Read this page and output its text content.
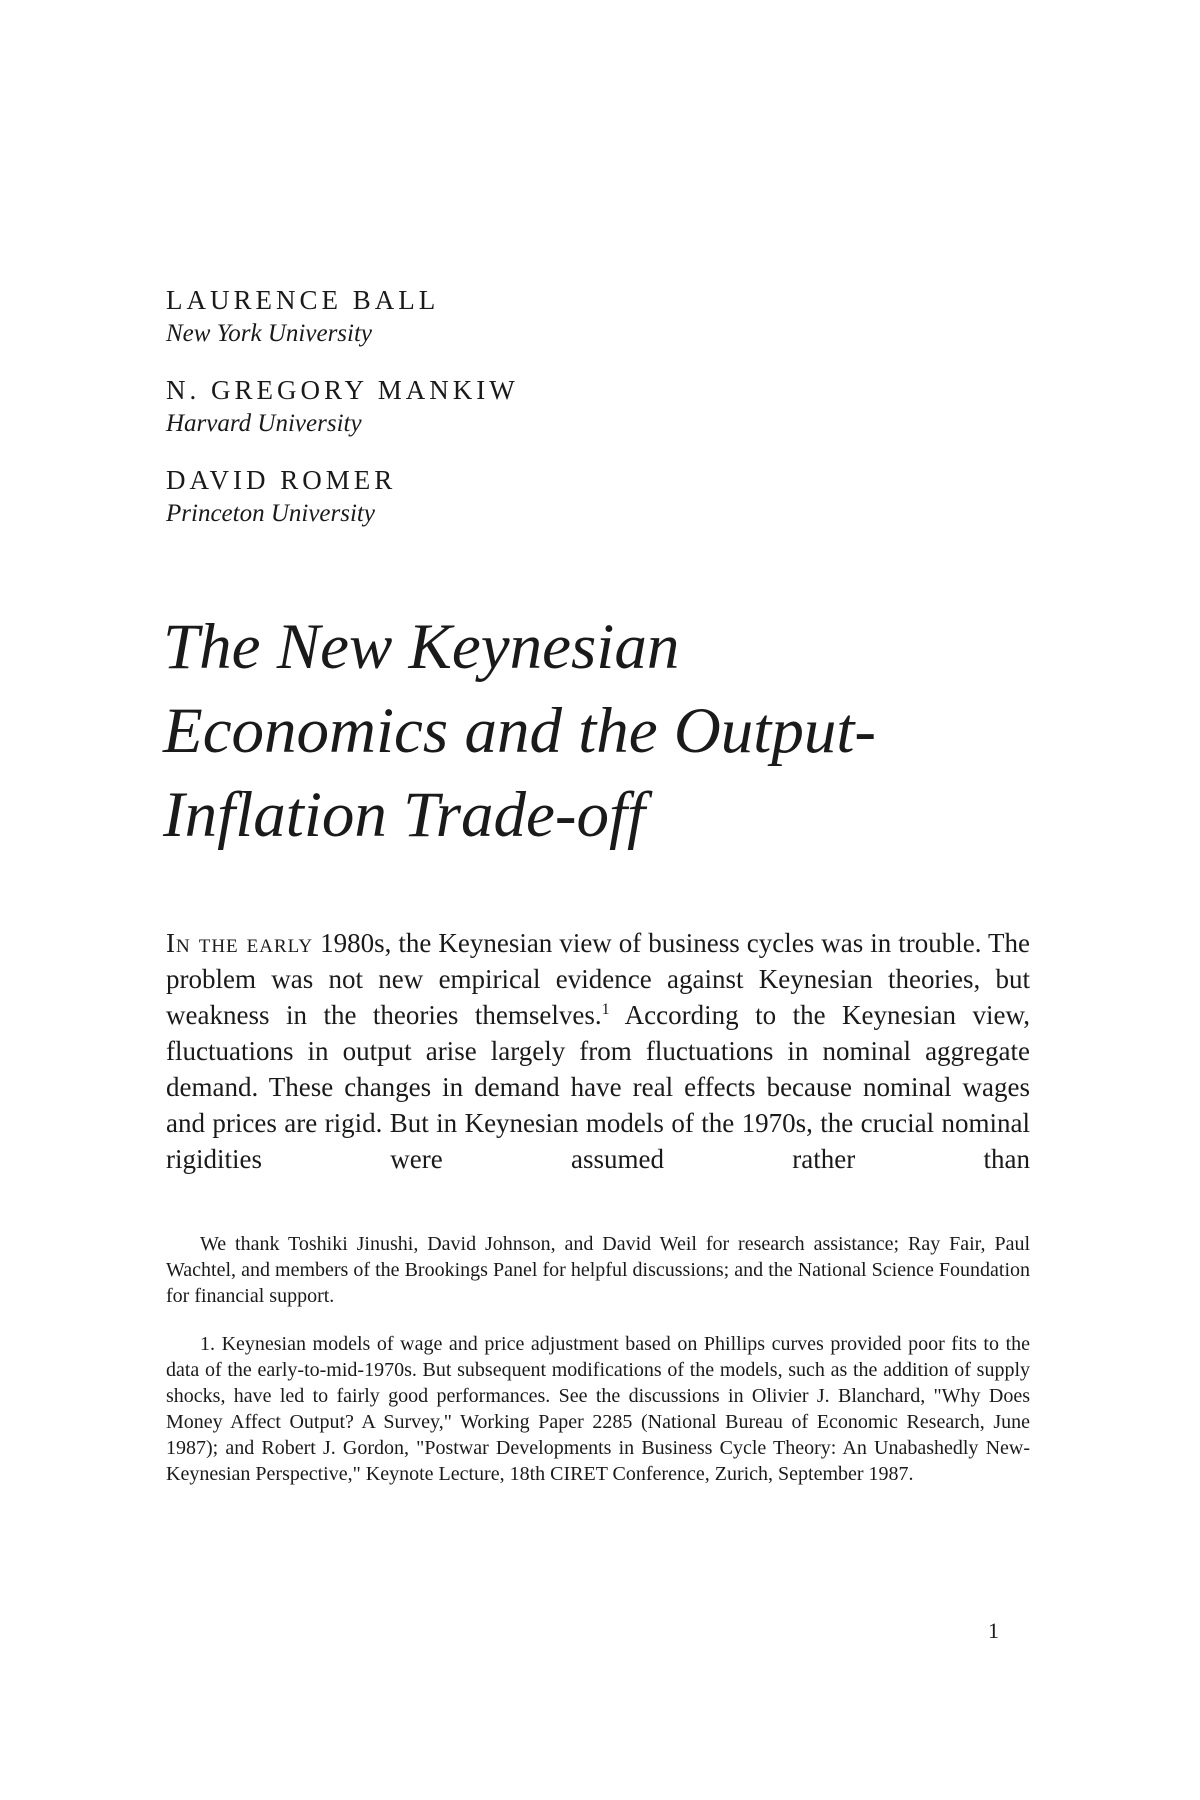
LAURENCE BALL
New York University
N. GREGORY MANKIW
Harvard University
DAVID ROMER
Princeton University
The New Keynesian
Economics and the Output-
Inflation Trade-off
In the early 1980s, the Keynesian view of business cycles was in trouble. The problem was not new empirical evidence against Keynesian theories, but weakness in the theories themselves.$^1$ According to the Keynesian view, fluctuations in output arise largely from fluctuations in nominal aggregate demand. These changes in demand have real effects because nominal wages and prices are rigid. But in Keynesian models of the 1970s, the crucial nominal rigidities were assumed rather than

We thank Toshiki Jinushi, David Johnson, and David Weil for research assistance; Ray Fair, Paul Wachtel, and members of the Brookings Panel for helpful discussions; and the National Science Foundation for financial support.

1. Keynesian models of wage and price adjustment based on Phillips curves provided poor fits to the data of the early-to-mid-1970s. But subsequent modifications of the models, such as the addition of supply shocks, have led to fairly good performances. See the discussions in Olivier J. Blanchard, "Why Does Money Affect Output? A Survey," Working Paper 2285 (National Bureau of Economic Research, June 1987); and Robert J. Gordon, "Postwar Developments in Business Cycle Theory: An Unabashedly New-Keynesian Perspective," Keynote Lecture, 18th CIRET Conference, Zurich, September 1987.

1
